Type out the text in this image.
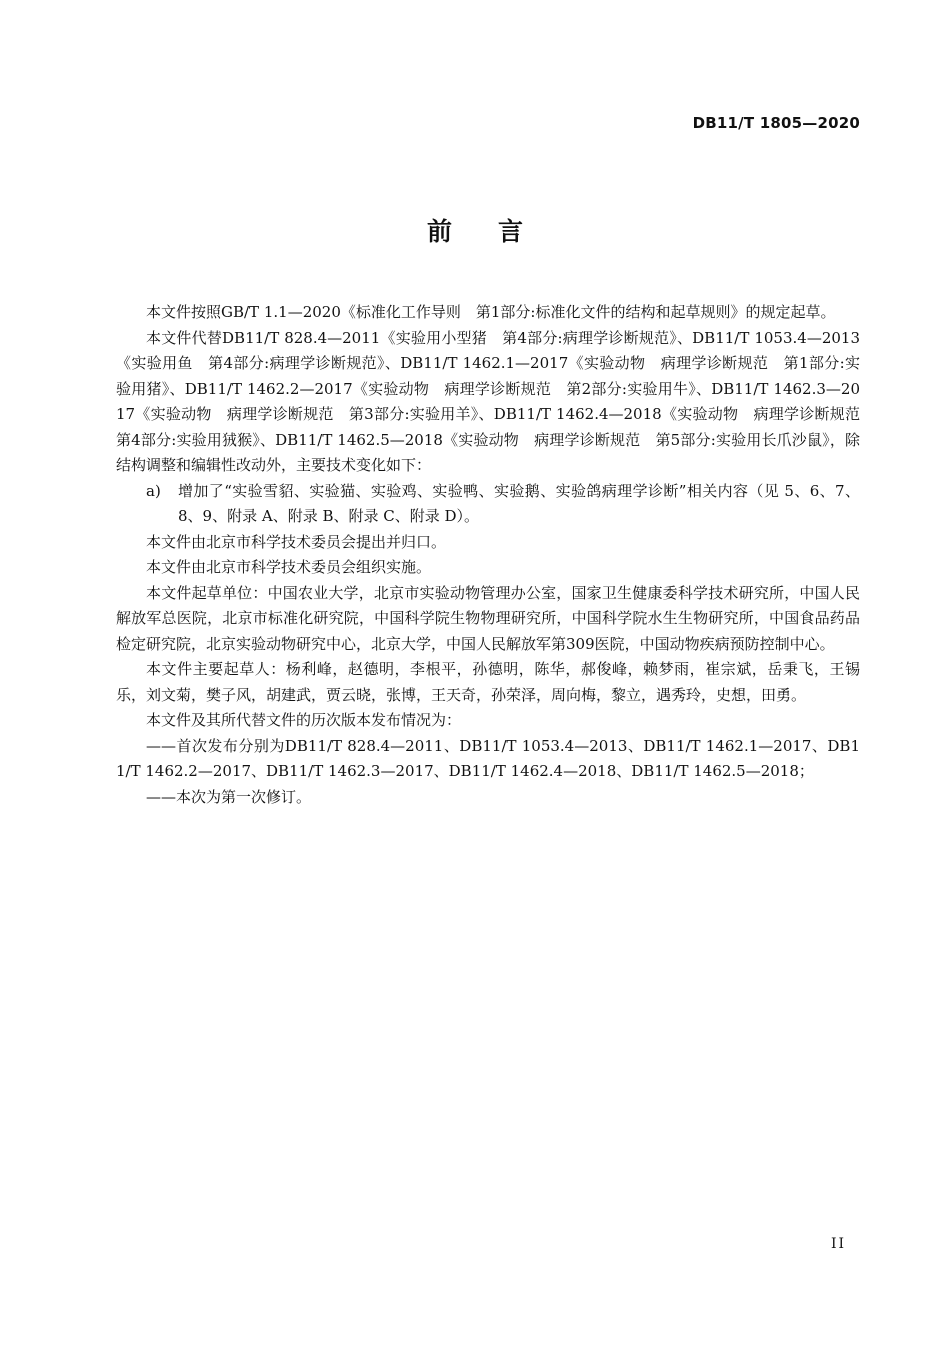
DB11/T 1805—2020
前言

本文件按照GB/T 1.1—2020《标准化工作导则　第1部分:标准化文件的结构和起草规则》的规定起草。

本文件代替DB11/T 828.4—2011《实验用小型猪　第4部分:病理学诊断规范》、DB11/T 1053.4—2013《实验用鱼　第4部分:病理学诊断规范》、DB11/T 1462.1—2017《实验动物　病理学诊断规范　第1部分:实验用猪》、DB11/T 1462.2—2017《实验动物　病理学诊断规范　第2部分:实验用牛》、DB11/T 1462.3—2017《实验动物　病理学诊断规范　第3部分:实验用羊》、DB11/T 1462.4—2018《实验动物　病理学诊断规范　第4部分:实验用狨猴》、DB11/T 1462.5—2018《实验动物　病理学诊断规范　第5部分:实验用长爪沙鼠》，除结构调整和编辑性改动外，主要技术变化如下：

a) 增加了“实验雪貂、实验猫、实验鸡、实验鸭、实验鹅、实验鸽病理学诊断”相关内容（见 5、6、7、8、9、附录 A、附录 B、附录 C、附录 D）。

本文件由北京市科学技术委员会提出并归口。

本文件由北京市科学技术委员会组织实施。

本文件起草单位：中国农业大学，北京市实验动物管理办公室，国家卫生健康委科学技术研究所，中国人民解放军总医院，北京市标准化研究院，中国科学院生物物理研究所，中国科学院水生生物研究所，中国食品药品检定研究院，北京实验动物研究中心，北京大学，中国人民解放军第309医院，中国动物疾病预防控制中心。

本文件主要起草人：杨利峰，赵德明，李根平，孙德明，陈华，郝俊峰，赖梦雨，崔宗斌，岳秉飞，王锡乐，刘文菊，樊子风，胡建武，贾云晓，张博，王天奇，孙荣泽，周向梅，黎立，遇秀玲，史想，田勇。

本文件及其所代替文件的历次版本发布情况为：

——首次发布分别为DB11/T 828.4—2011、DB11/T 1053.4—2013、DB11/T 1462.1—2017、DB11/T 1462.2—2017、DB11/T 1462.3—2017、DB11/T 1462.4—2018、DB11/T 1462.5—2018；

——本次为第一次修订。

II
